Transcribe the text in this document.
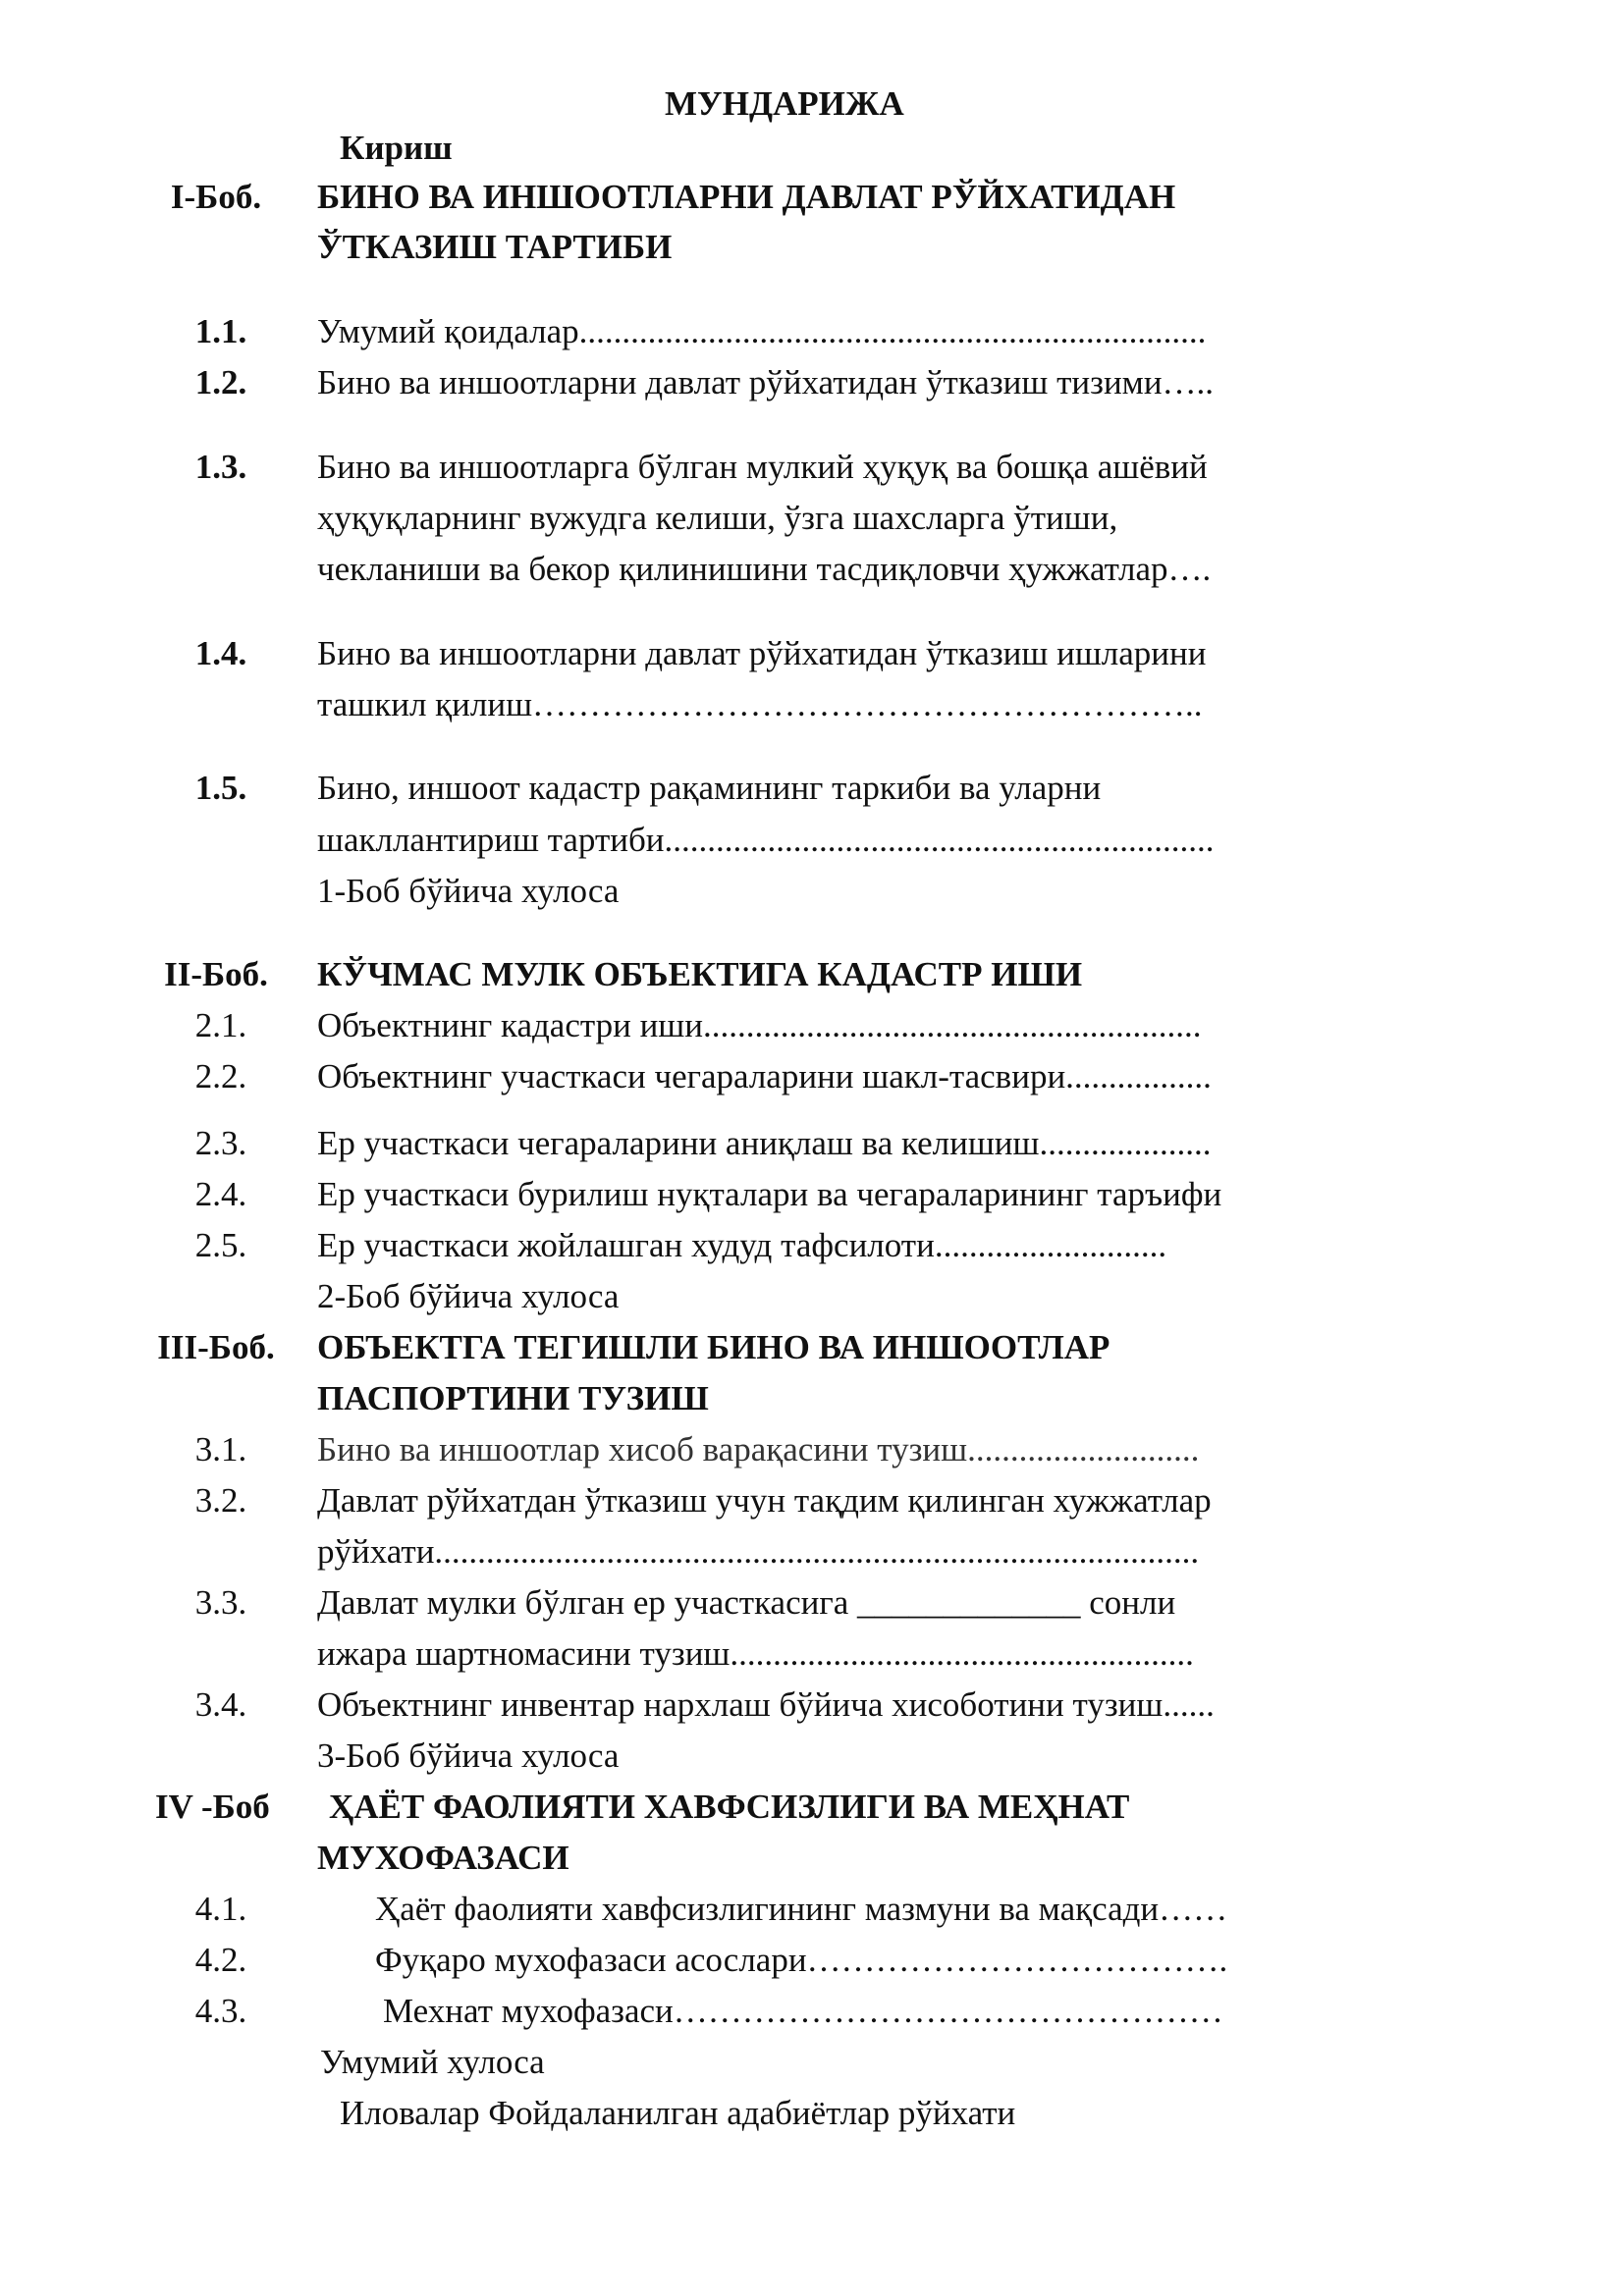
МУНДАРИЖА
Кириш
I-Боб.	БИНО ВА ИНШООТЛАРНИ ДАВЛАТ РЎЙХАТИДАН
ЎТКАЗИШ ТАРТИБИ
1.1.	Умумий қоидалар.........................................................................
1.2.	Бино ва иншоотларни давлат рўйхатидан ўтказиш тизими…..
1.3.	Бино ва иншоотларга бўлган мулкий ҳуқуқ ва бошқа ашёвий
ҳуқуқларнинг вужудга келиши, ўзга шахсларга ўтиши,
чекланиши ва бекор қилинишини тасдиқловчи ҳужжатлар….
1.4.	Бино ва иншоотларни давлат рўйхатидан ўтказиш ишларини
ташкил қилиш…………………………………………………..
1.5.	Бино, иншоот кадастр рақамининг таркиби ва уларни
шакллантириш тартиби................................................................
1-Боб бўйича хулоса
II-Боб. КЎЧМАС МУЛК ОБЪЕКТИГА КАДАСТР ИШИ
2.1.	Объектнинг кадастри иши..........................................................
2.2.	Объектнинг участкаси чегараларини шакл-тасвири.................
2.3.	Ер участкаси чегараларини аниқлаш ва келишиш....................
2.4.	Ер участкаси бурилиш нуқталари ва чегараларининг таръифи
2.5.	Ер участкаси жойлашган худуд тафсилоти...........................
2-Боб бўйича хулоса
III-Боб. ОБЪЕКТГА ТЕГИШЛИ БИНО ВА ИНШООТЛАР
ПАСПОРТИНИ ТУЗИШ
3.1.	Бино ва иншоотлар хисоб варақасини тузиш...........................
3.2.	Давлат рўйхатдан ўтказиш учун тақдим қилинган хужжатлар
рўйхати.........................................................................................
3.3.	Давлат мулки бўлган ер участкасига _____________ сонли
ижара шартномасини тузиш......................................................
3.4.	Объектнинг инвентар нархлаш бўйича хисоботини тузиш......
3-Боб бўйича хулоса
IV -Боб ҲАЁТ ФАОЛИЯТИ ХАВФСИЗЛИГИ ВА МЕҲНАТ
МУХОФАЗАСИ
4.1.	Ҳаёт фаолияти хавфсизлигининг мазмуни ва мақсади……
4.2.	Фуқаро мухофазаси асослари……………………………….
4.3.	Мехнат мухофазаси…………………………………………
Умумий хулоса
Иловалар Фойдаланилган адабиётлар рўйхати
